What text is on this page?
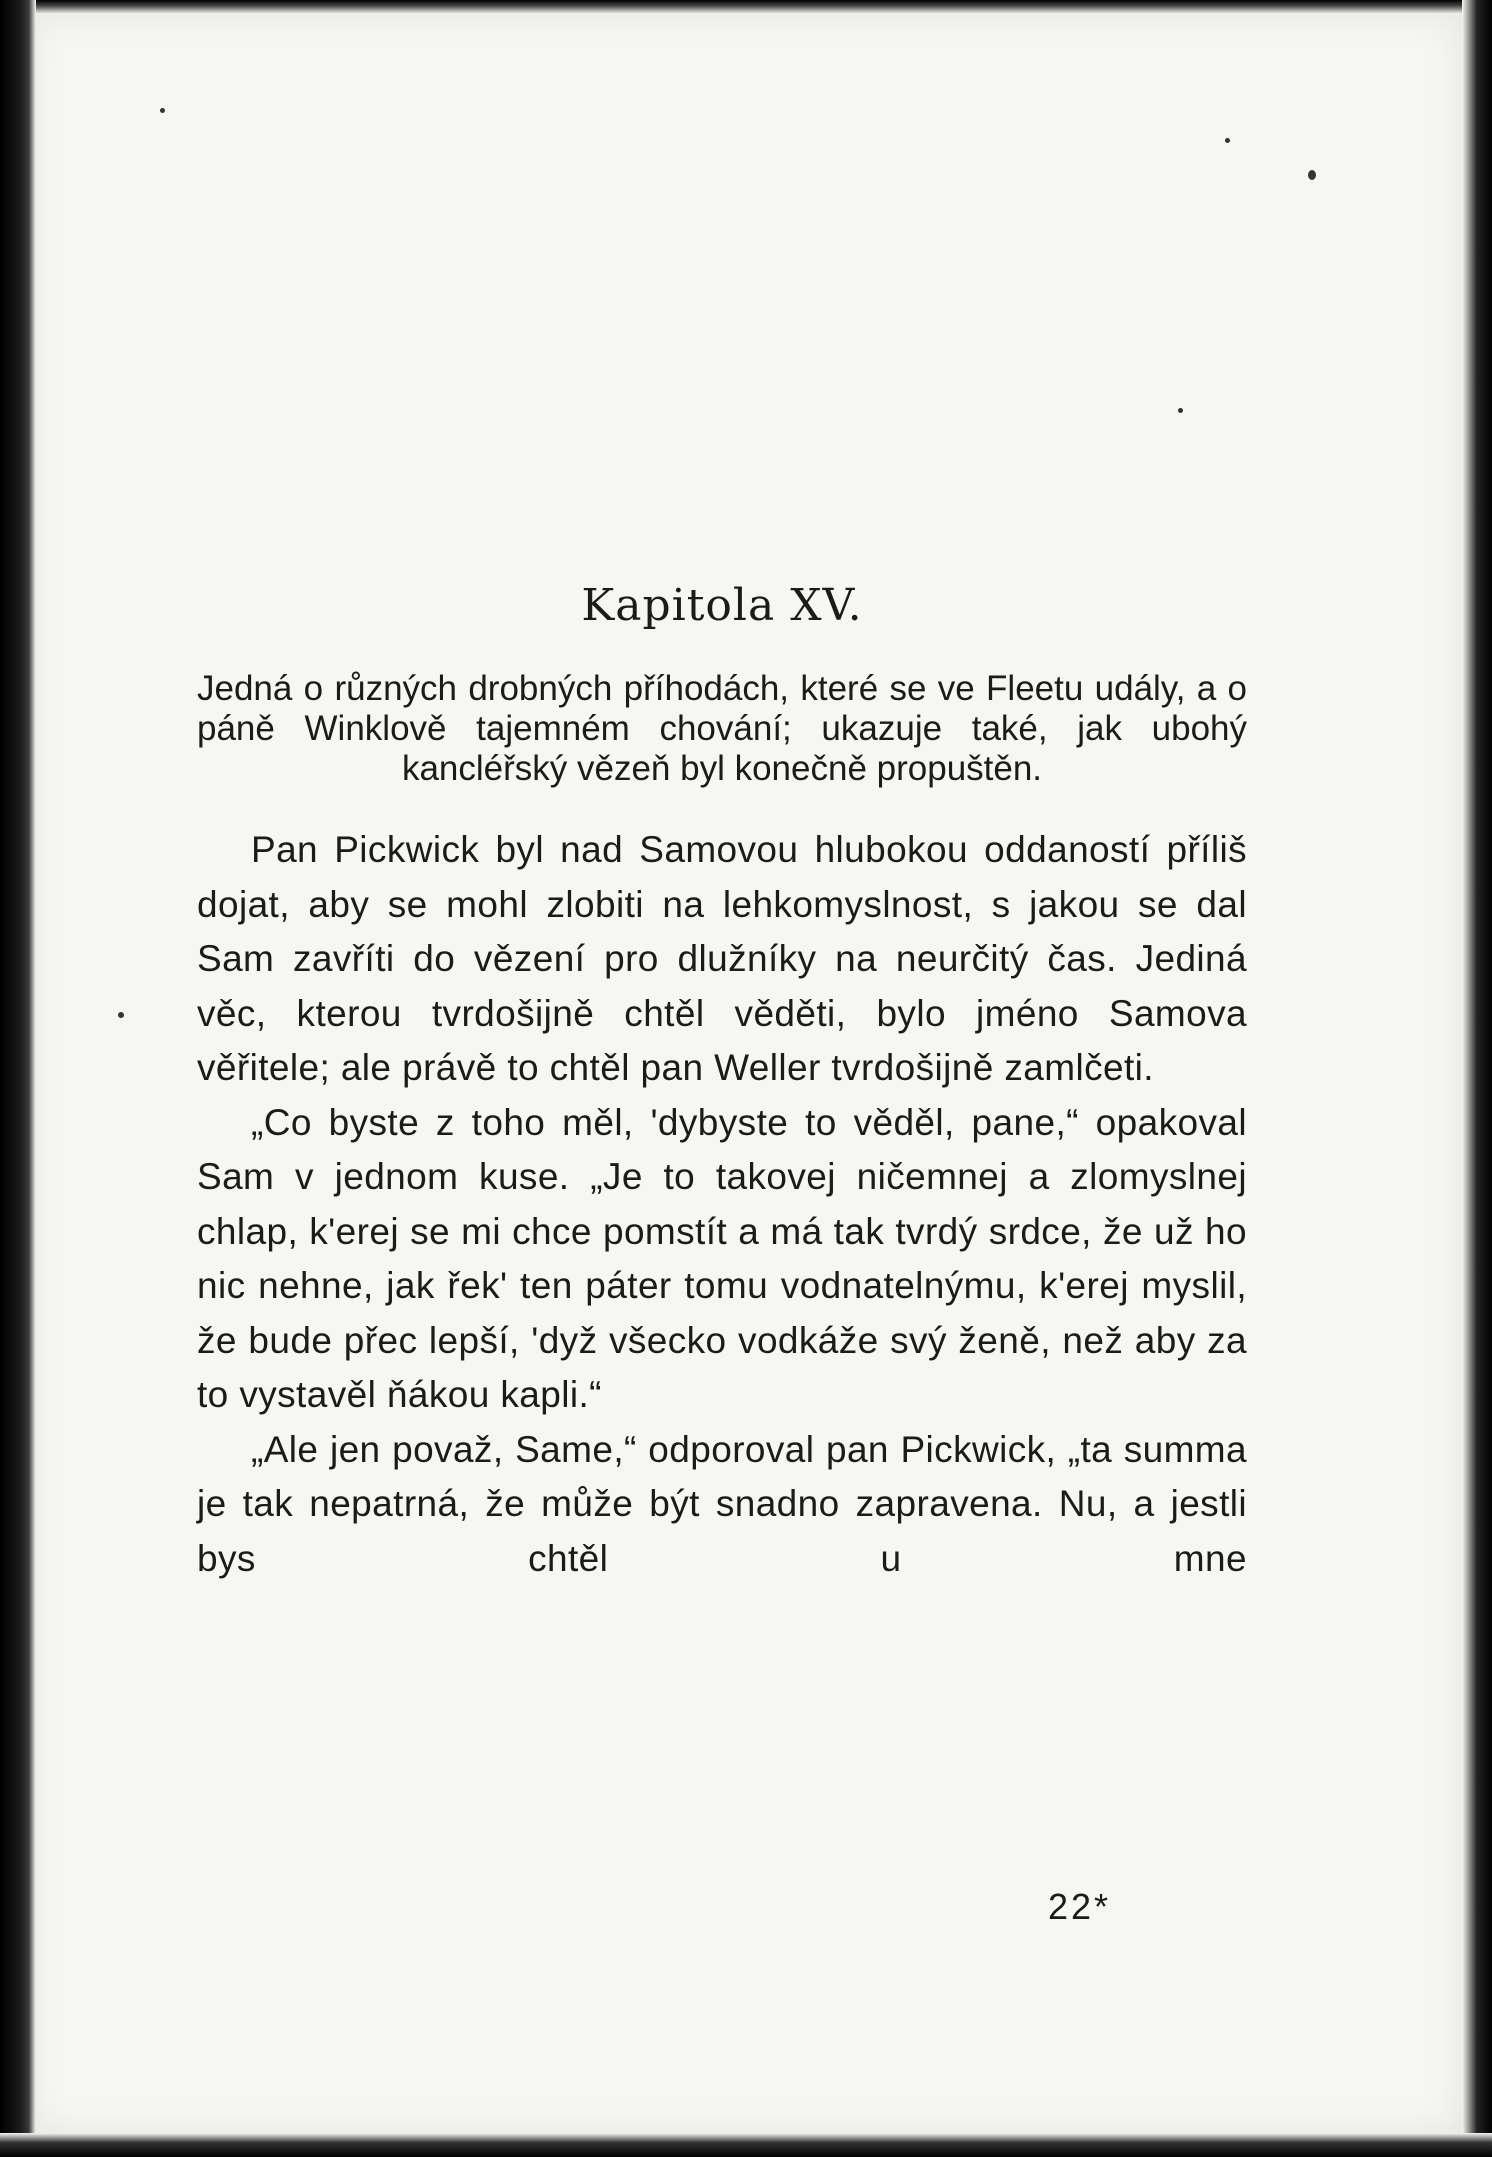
Kapitola XV.

Jedná o různých drobných příhodách, které se ve Fleetu udály, a o páně Winklově tajemném chování; ukazuje také, jak ubohý kancléřský vězeň byl konečně propuštěn.

Pan Pickwick byl nad Samovou hlubokou oddaností příliš dojat, aby se mohl zlobiti na lehkomyslnost, s jakou se dal Sam zavříti do vězení pro dlužníky na neurčitý čas. Jediná věc, kterou tvrdošijně chtěl věděti, bylo jméno Samova věřitele; ale právě to chtěl pan Weller tvrdošijně zamlčeti.

„Co byste z toho měl, 'dybyste to věděl, pane,“ opakoval Sam v jednom kuse. „Je to takovej ničemnej a zlomyslnej chlap, k'erej se mi chce pomstít a má tak tvrdý srdce, že už ho nic nehne, jak řek' ten páter tomu vodnatelnýmu, k'erej myslil, že bude přec lepší, 'dyž všecko vodkáže svý ženě, než aby za to vystavěl ňákou kapli.“

„Ale jen považ, Same,“ odporoval pan Pickwick, „ta summa je tak nepatrná, že může být snadno zapravena. Nu, a jestli bys chtěl u mne

22*
